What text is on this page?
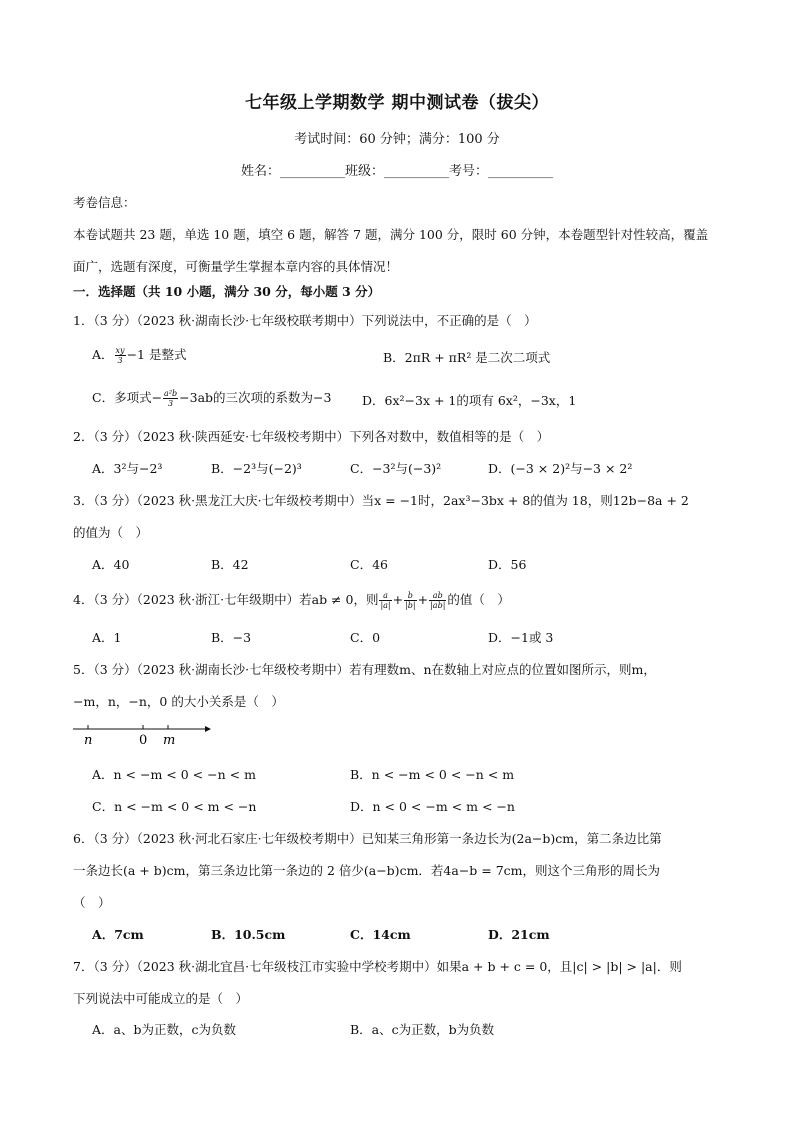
七年级上学期数学 期中测试卷（拔尖）
考试时间：60 分钟；满分：100 分
姓名：__________班级：__________考号：__________
考卷信息：
本卷试题共 23 题，单选 10 题，填空 6 题，解答 7 题，满分 100 分，限时 60 分钟，本卷题型针对性较高，覆盖
面广，选题有深度，可衡量学生掌握本章内容的具体情况！
一．选择题（共 10 小题，满分 30 分，每小题 3 分）
1．（3 分）（2023 秋·湖南长沙·七年级校联考期中）下列说法中，不正确的是（　）
A． $\frac{xy}{3} -1$ 是整式	B．2πR + πR² 是二次二项式
C．多项式− $\frac{\text{a²b}}{3} -3ab$的三次项的系数为−3 D．6x²−3x + 1的项有 6x²，−3x，1
2．（3 分）（2023 秋·陕西延安·七年级校考期中）下列各对数中，数值相等的是（　）
A．3²与−2³	B．−2³与(−2)³	C．−3²与(−3)²	D．(−3 × 2)²与−3 × 2²
3．（3 分）（2023 秋·黑龙江大庆·七年级校考期中）当x = −1时，2ax³−3bx + 8的值为 18，则12b−8a + 2
的值为（　）
A．40	B．42	C．46	D．56
4．（3 分）（2023 秋·浙江·七年级期中）若ab ≠ 0，则 $\frac{a}{|a|} + \frac{b}{|b|} + \frac{ab}{|ab|}$ 的值（　）
A．1	B．−3	C．0	D．−1或 3
5．（3 分）（2023 秋·湖南长沙·七年级校考期中）若有理数m、n在数轴上对应点的位置如图所示，则m，
−m，n，−n，0 的大小关系是（　）
n	0 m
A．n < −m < 0 < −n < m	B．n < −m < 0 < −n < m
C．n < −m < 0 < m < −n	D．n < 0 < −m < m < −n
6．（3 分）（2023 秋·河北石家庄·七年级校考期中）已知某三角形第一条边长为(2a−b)cm，第二条边比第
一条边长(a + b)cm，第三条边比第一条边的 2 倍少(a−b)cm．若4a−b = 7cm，则这个三角形的周长为
（　）
A．7cm	B．10.5cm	C．14cm	D．21cm
7．（3 分）（2023 秋·湖北宜昌·七年级枝江市实验中学校考期中）如果a + b + c = 0，且|c| > |b| > |a|．则
下列说法中可能成立的是（　）
A．a、b为正数，c为负数	B．a、c为正数，b为负数
